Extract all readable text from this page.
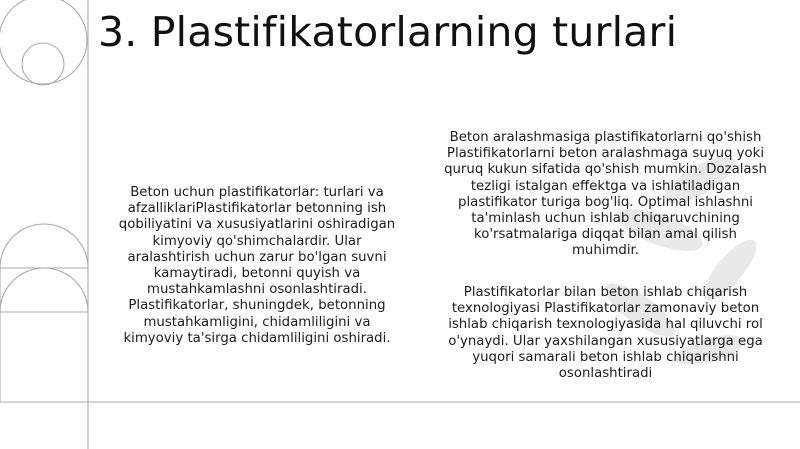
3. Plastifikatorlarning turlari

Beton uchun plastifikatorlar: turlari va afzalliklariPlastifikatorlar betonning ish qobiliyatini va xususiyatlarini oshiradigan kimyoviy qo'shimchalardir. Ular aralashtirish uchun zarur bo'lgan suvni kamaytiradi, betonni quyish va mustahkamlashni osonlashtiradi. Plastifikatorlar, shuningdek, betonning mustahkamligini, chidamliligini va kimyoviy ta'sirga chidamliligini oshiradi.

Beton aralashmasiga plastifikatorlarni qo'shish Plastifikatorlarni beton aralashmaga suyuq yoki quruq kukun sifatida qo'shish mumkin. Dozalash tezligi istalgan effektga va ishlatiladigan plastifikator turiga bog'liq. Optimal ishlashni ta'minlash uchun ishlab chiqaruvchining ko'rsatmalariga diqqat bilan amal qilish muhimdir.

Plastifikatorlar bilan beton ishlab chiqarish texnologiyasi Plastifikatorlar zamonaviy beton ishlab chiqarish texnologiyasida hal qiluvchi rol o'ynaydi. Ular yaxshilangan xususiyatlarga ega yuqori samarali beton ishlab chiqarishni osonlashtiradi
